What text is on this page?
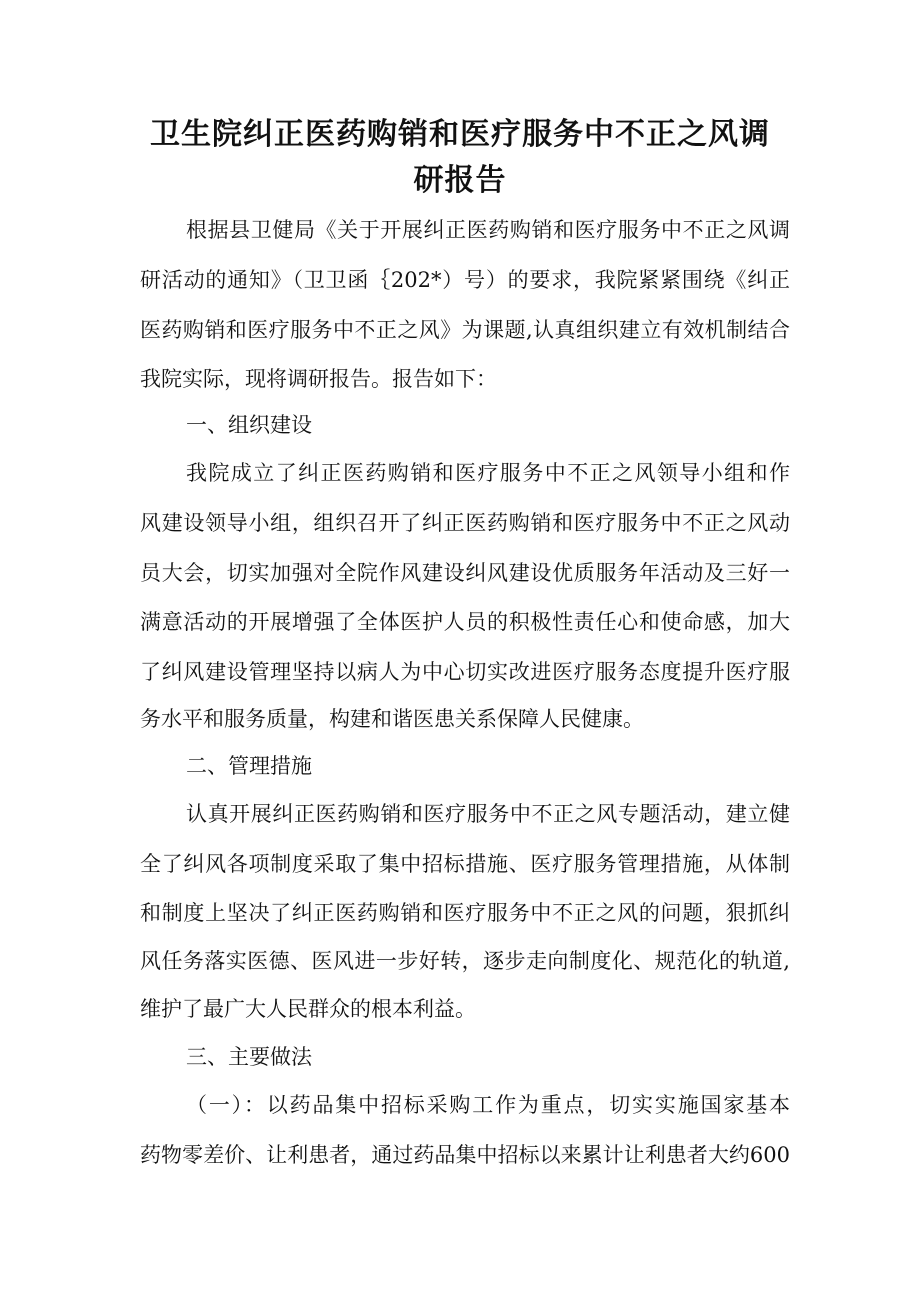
卫生院纠正医药购销和医疗服务中不正之风调
研报告

根据县卫健局《关于开展纠正医药购销和医疗服务中不正之风调

研活动的通知》（卫卫函｛202*）号）的要求，我院紧紧围绕《纠正

医药购销和医疗服务中不正之风》为课题,认真组织建立有效机制结合

我院实际，现将调研报告。报告如下：

一、组织建设

我院成立了纠正医药购销和医疗服务中不正之风领导小组和作

风建设领导小组，组织召开了纠正医药购销和医疗服务中不正之风动

员大会，切实加强对全院作风建设纠风建设优质服务年活动及三好一

满意活动的开展增强了全体医护人员的积极性责任心和使命感，加大

了纠风建设管理坚持以病人为中心切实改进医疗服务态度提升医疗服

务水平和服务质量，构建和谐医患关系保障人民健康。

二、管理措施

认真开展纠正医药购销和医疗服务中不正之风专题活动，建立健

全了纠风各项制度采取了集中招标措施、医疗服务管理措施，从体制

和制度上坚决了纠正医药购销和医疗服务中不正之风的问题，狠抓纠

风任务落实医德、医风进一步好转，逐步走向制度化、规范化的轨道,

维护了最广大人民群众的根本利益。

三、主要做法

（一）：以药品集中招标采购工作为重点，切实实施国家基本

药物零差价、让利患者，通过药品集中招标以来累计让利患者大约600
